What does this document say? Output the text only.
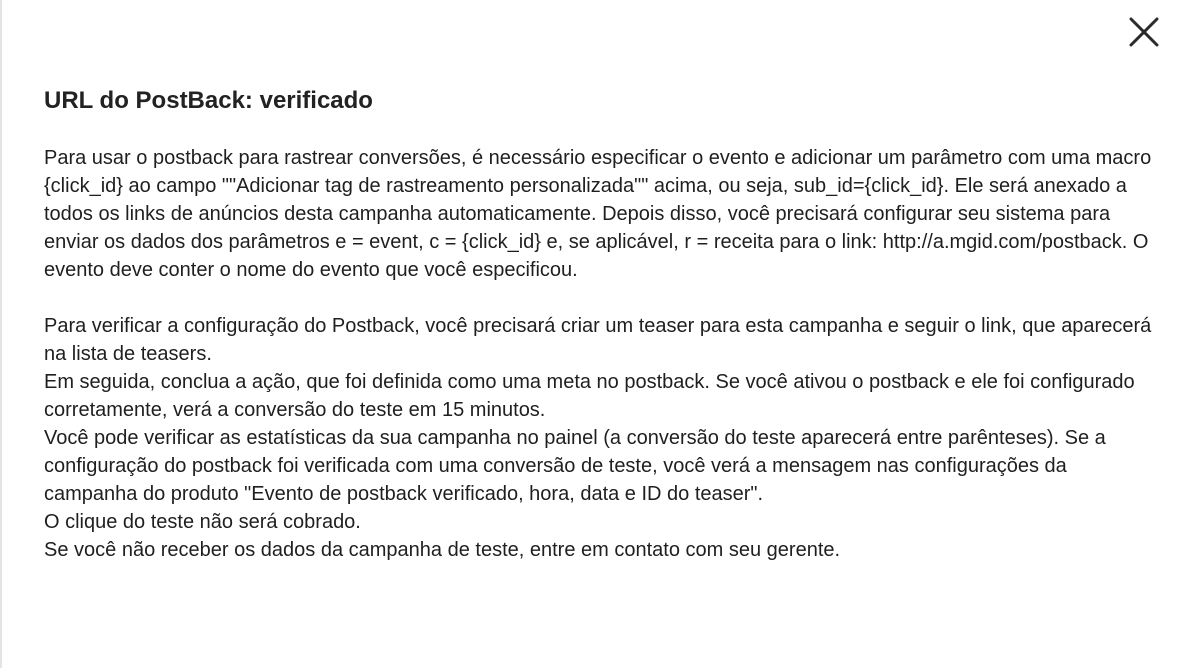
URL do PostBack: verificado

Para usar o postback para rastrear conversões, é necessário especificar o evento e adicionar um parâmetro com uma macro {click_id} ao campo ""Adicionar tag de rastreamento personalizada"" acima, ou seja, sub_id={click_id}. Ele será anexado a todos os links de anúncios desta campanha automaticamente. Depois disso, você precisará configurar seu sistema para enviar os dados dos parâmetros e = event, c = {click_id} e, se aplicável, r = receita para o link: http://a.mgid.com/postback. O evento deve conter o nome do evento que você especificou.

Para verificar a configuração do Postback, você precisará criar um teaser para esta campanha e seguir o link, que aparecerá na lista de teasers.

Em seguida, conclua a ação, que foi definida como uma meta no postback. Se você ativou o postback e ele foi configurado corretamente, verá a conversão do teste em 15 minutos.

Você pode verificar as estatísticas da sua campanha no painel (a conversão do teste aparecerá entre parênteses). Se a configuração do postback foi verificada com uma conversão de teste, você verá a mensagem nas configurações da campanha do produto "Evento de postback verificado, hora, data e ID do teaser".

O clique do teste não será cobrado.

Se você não receber os dados da campanha de teste, entre em contato com seu gerente.
